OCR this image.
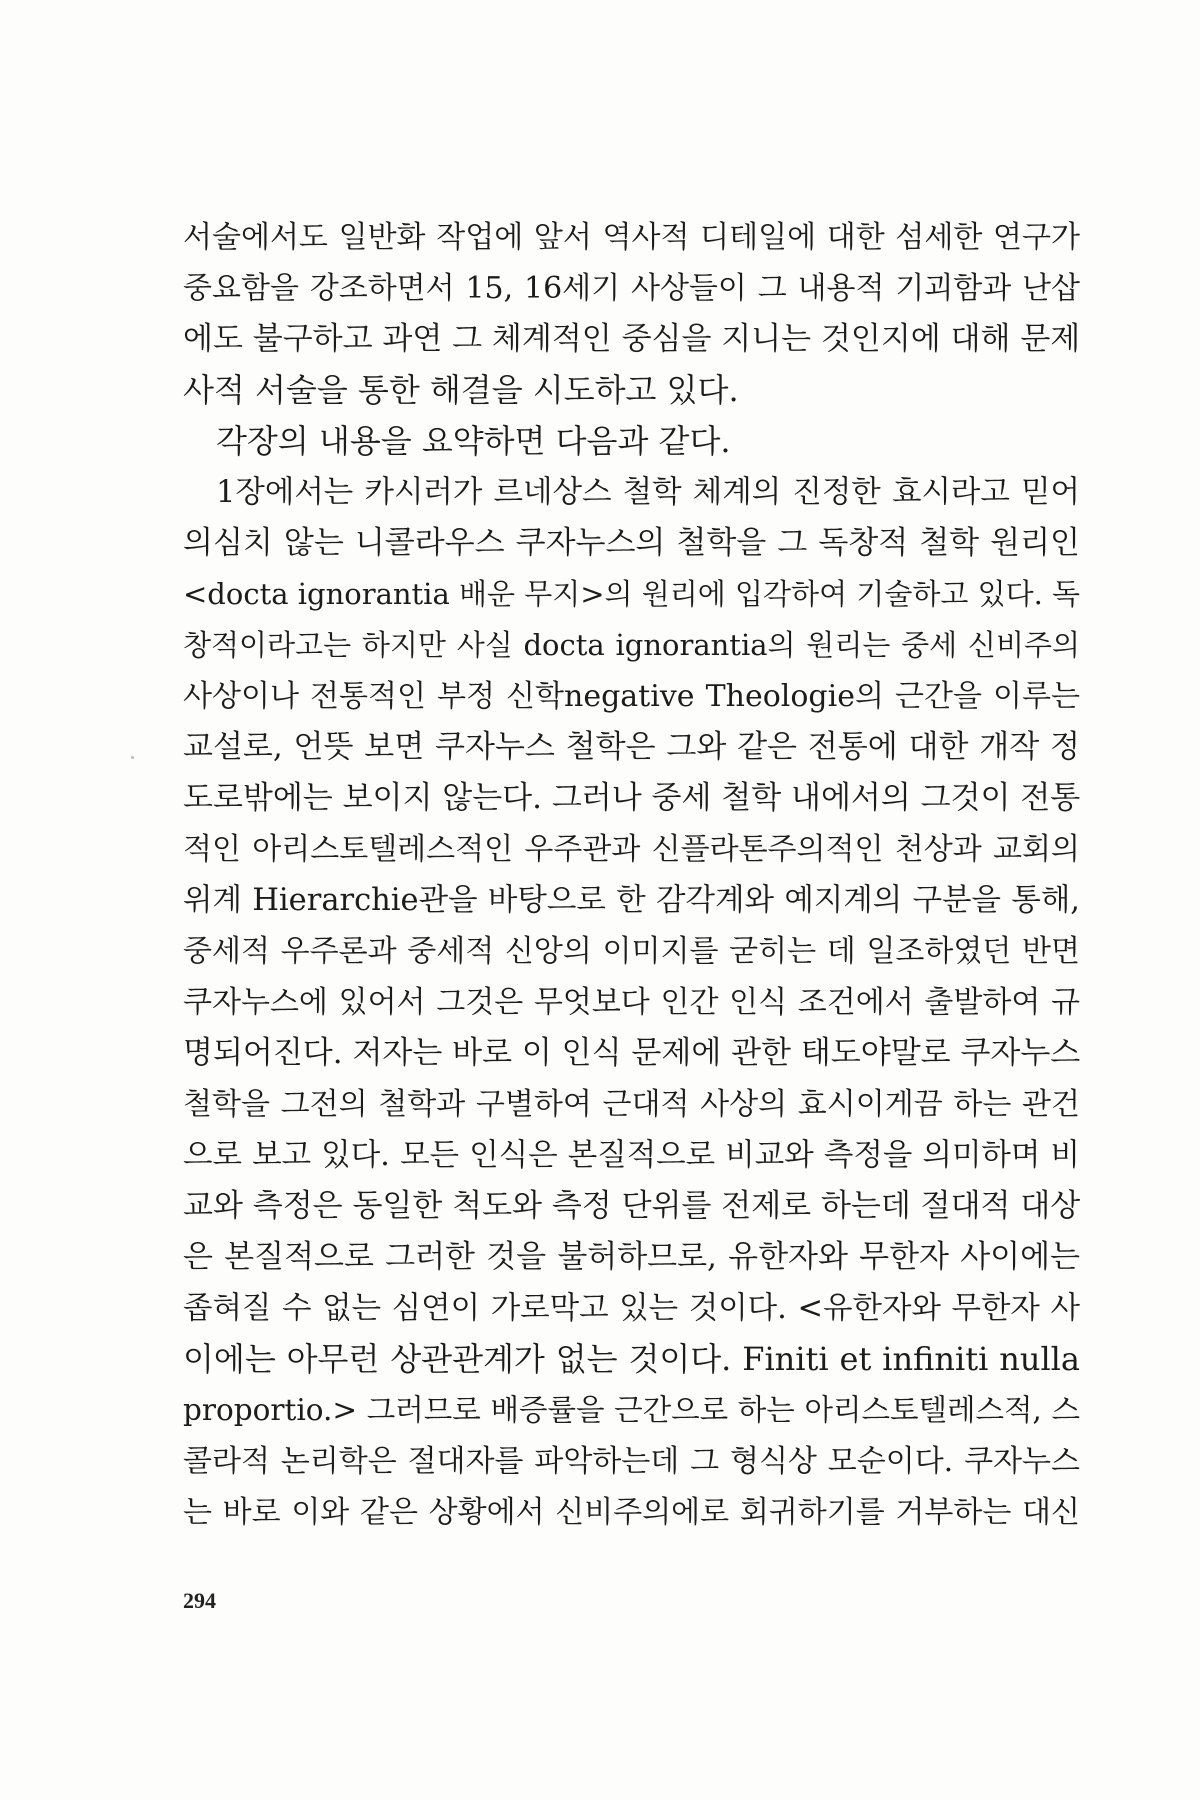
서술에서도 일반화 작업에 앞서 역사적 디테일에 대한 섬세한 연구가
중요함을 강조하면서 15, 16세기 사상들이 그 내용적 기괴함과 난삽
에도 불구하고 과연 그 체계적인 중심을 지니는 것인지에 대해 문제
사적 서술을 통한 해결을 시도하고 있다.
각장의 내용을 요약하면 다음과 같다.
1장에서는 카시러가 르네상스 철학 체계의 진정한 효시라고 믿어
의심치 않는 니콜라우스 쿠자누스의 철학을 그 독창적 철학 원리인
<docta ignorantia 배운 무지>의 원리에 입각하여 기술하고 있다. 독
창적이라고는 하지만 사실 docta ignorantia의 원리는 중세 신비주의
사상이나 전통적인 부정 신학negative Theologie의 근간을 이루는
교설로, 언뜻 보면 쿠자누스 철학은 그와 같은 전통에 대한 개작 정
도로밖에는 보이지 않는다. 그러나 중세 철학 내에서의 그것이 전통
적인 아리스토텔레스적인 우주관과 신플라톤주의적인 천상과 교회의
위계 Hierarchie관을 바탕으로 한 감각계와 예지계의 구분을 통해,
중세적 우주론과 중세적 신앙의 이미지를 굳히는 데 일조하였던 반면
쿠자누스에 있어서 그것은 무엇보다 인간 인식 조건에서 출발하여 규
명되어진다. 저자는 바로 이 인식 문제에 관한 태도야말로 쿠자누스
철학을 그전의 철학과 구별하여 근대적 사상의 효시이게끔 하는 관건
으로 보고 있다. 모든 인식은 본질적으로 비교와 측정을 의미하며 비
교와 측정은 동일한 척도와 측정 단위를 전제로 하는데 절대적 대상
은 본질적으로 그러한 것을 불허하므로, 유한자와 무한자 사이에는
좁혀질 수 없는 심연이 가로막고 있는 것이다. <유한자와 무한자 사
이에는 아무런 상관관계가 없는 것이다. Finiti et infiniti nulla
proportio.> 그러므로 배증률을 근간으로 하는 아리스토텔레스적, 스
콜라적 논리학은 절대자를 파악하는데 그 형식상 모순이다. 쿠자누스
는 바로 이와 같은 상황에서 신비주의에로 회귀하기를 거부하는 대신
294
